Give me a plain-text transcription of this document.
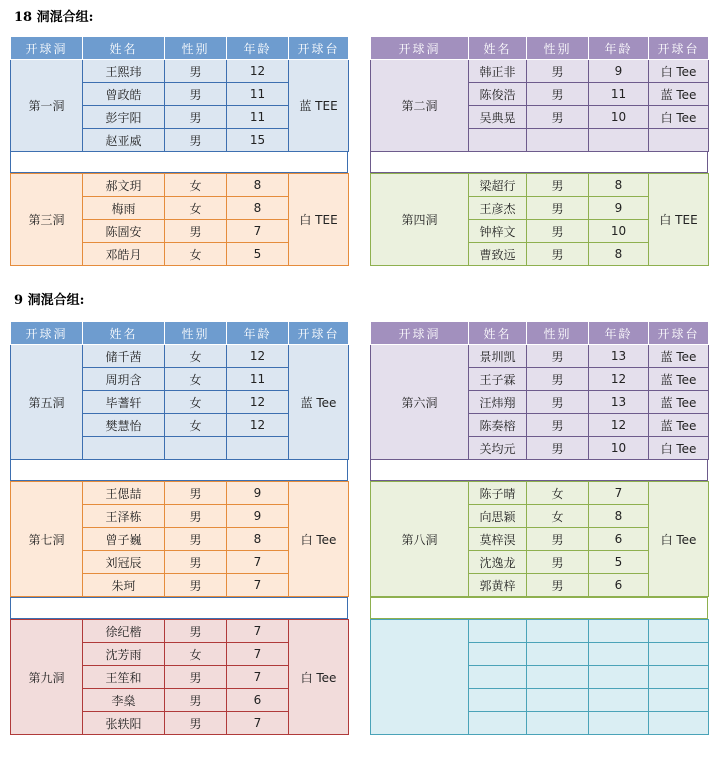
18 洞混合组:
9 洞混合组:
开球洞	姓名	性别	年龄	开球台
第一洞	王熙玮	男	12	蓝 TEE
	曾政皓	男	11	
	彭宇阳	男	11	
	赵亚威	男	15	
开球洞	姓名	性别	年龄	开球台
第二洞	韩正非	男	9	白 Tee
	陈俊浩	男	11	蓝 Tee
	吴典晃	男	10	白 Tee

第三洞	郝文玥	女	8	白 TEE
	梅雨	女	8	
	陈圄安	男	7	
	邓皓月	女	5	
第四洞	梁超行	男	8	白 TEE
	王彦杰	男	9	
	钟梓文	男	10	
	曹致远	男	8	
开球洞	姓名	性别	年龄	开球台
第五洞	储千茜	女	12	蓝 Tee
	周玥含	女	11	
	毕蓍轩	女	12	
	樊慧怡	女	12	

开球洞	姓名	性别	年龄	开球台
第六洞	景圳凯	男	13	蓝 Tee
	王子霖	男	12	蓝 Tee
	汪炜翔	男	13	蓝 Tee
	陈奏榕	男	12	蓝 Tee
	关均元	男	10	白 Tee
第七洞	王偲喆	男	9	白 Tee
	王泽栋	男	9	
	曾子巍	男	8	
	刘冠辰	男	7	
	朱珂	男	7	
第八洞	陈子晴	女	7	白 Tee
	向思颖	女	8	
	莫梓淏	男	6	
	沈逸龙	男	5	
	郭黄梓	男	6	
第九洞	徐纪楷	男	7	白 Tee
	沈芳雨	女	7	
	王笙和	男	7	
	李燊	男	6	
	张轶阳	男	7	
